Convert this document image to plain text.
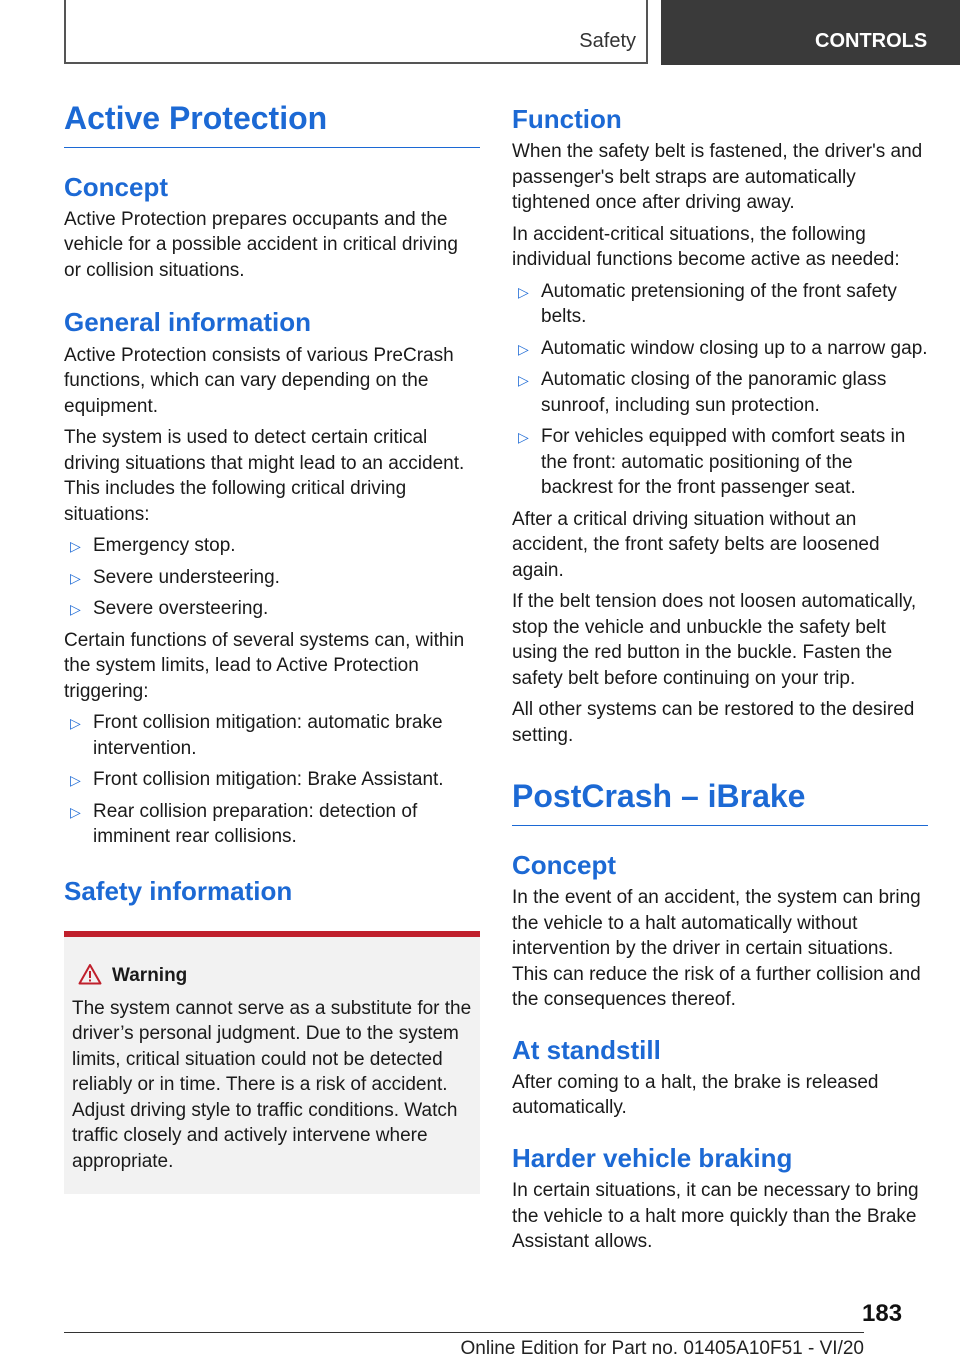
Safety	CONTROLS
Active Protection
Concept

Active Protection prepares occupants and the vehicle for a possible accident in critical driving or collision situations.

General information

Active Protection consists of various PreCrash functions, which can vary depending on the equipment.

The system is used to detect certain critical driving situations that might lead to an accident. This includes the following critical driving situations:

▷ Emergency stop.
▷ Severe understeering.
▷ Severe oversteering.

Certain functions of several systems can, within the system limits, lead to Active Protection triggering:

▷ Front collision mitigation: automatic brake intervention.
▷ Front collision mitigation: Brake Assistant.
▷ Rear collision preparation: detection of imminent rear collisions.
Safety information
Warning

The system cannot serve as a substitute for the driver’s personal judgment. Due to the system limits, critical situation could not be detected reliably or in time. There is a risk of accident. Adjust driving style to traffic conditions. Watch traffic closely and actively intervene where appropriate.

Function

When the safety belt is fastened, the driver's and passenger's belt straps are automatically tightened once after driving away.

In accident-critical situations, the following individual functions become active as needed:

▷ Automatic pretensioning of the front safety belts.
▷ Automatic window closing up to a narrow gap.
▷ Automatic closing of the panoramic glass sunroof, including sun protection.
▷ For vehicles equipped with comfort seats in the front: automatic positioning of the backrest for the front passenger seat.

After a critical driving situation without an accident, the front safety belts are loosened again.

If the belt tension does not loosen automatically, stop the vehicle and unbuckle the safety belt using the red button in the buckle. Fasten the safety belt before continuing on your trip.

All other systems can be restored to the desired setting.

PostCrash – iBrake
Concept

In the event of an accident, the system can bring the vehicle to a halt automatically without intervention by the driver in certain situations. This can reduce the risk of a further collision and the consequences thereof.

At standstill

After coming to a halt, the brake is released automatically.

Harder vehicle braking

In certain situations, it can be necessary to bring the vehicle to a halt more quickly than the Brake Assistant allows.

183
Online Edition for Part no. 01405A10F51 - VI/20
